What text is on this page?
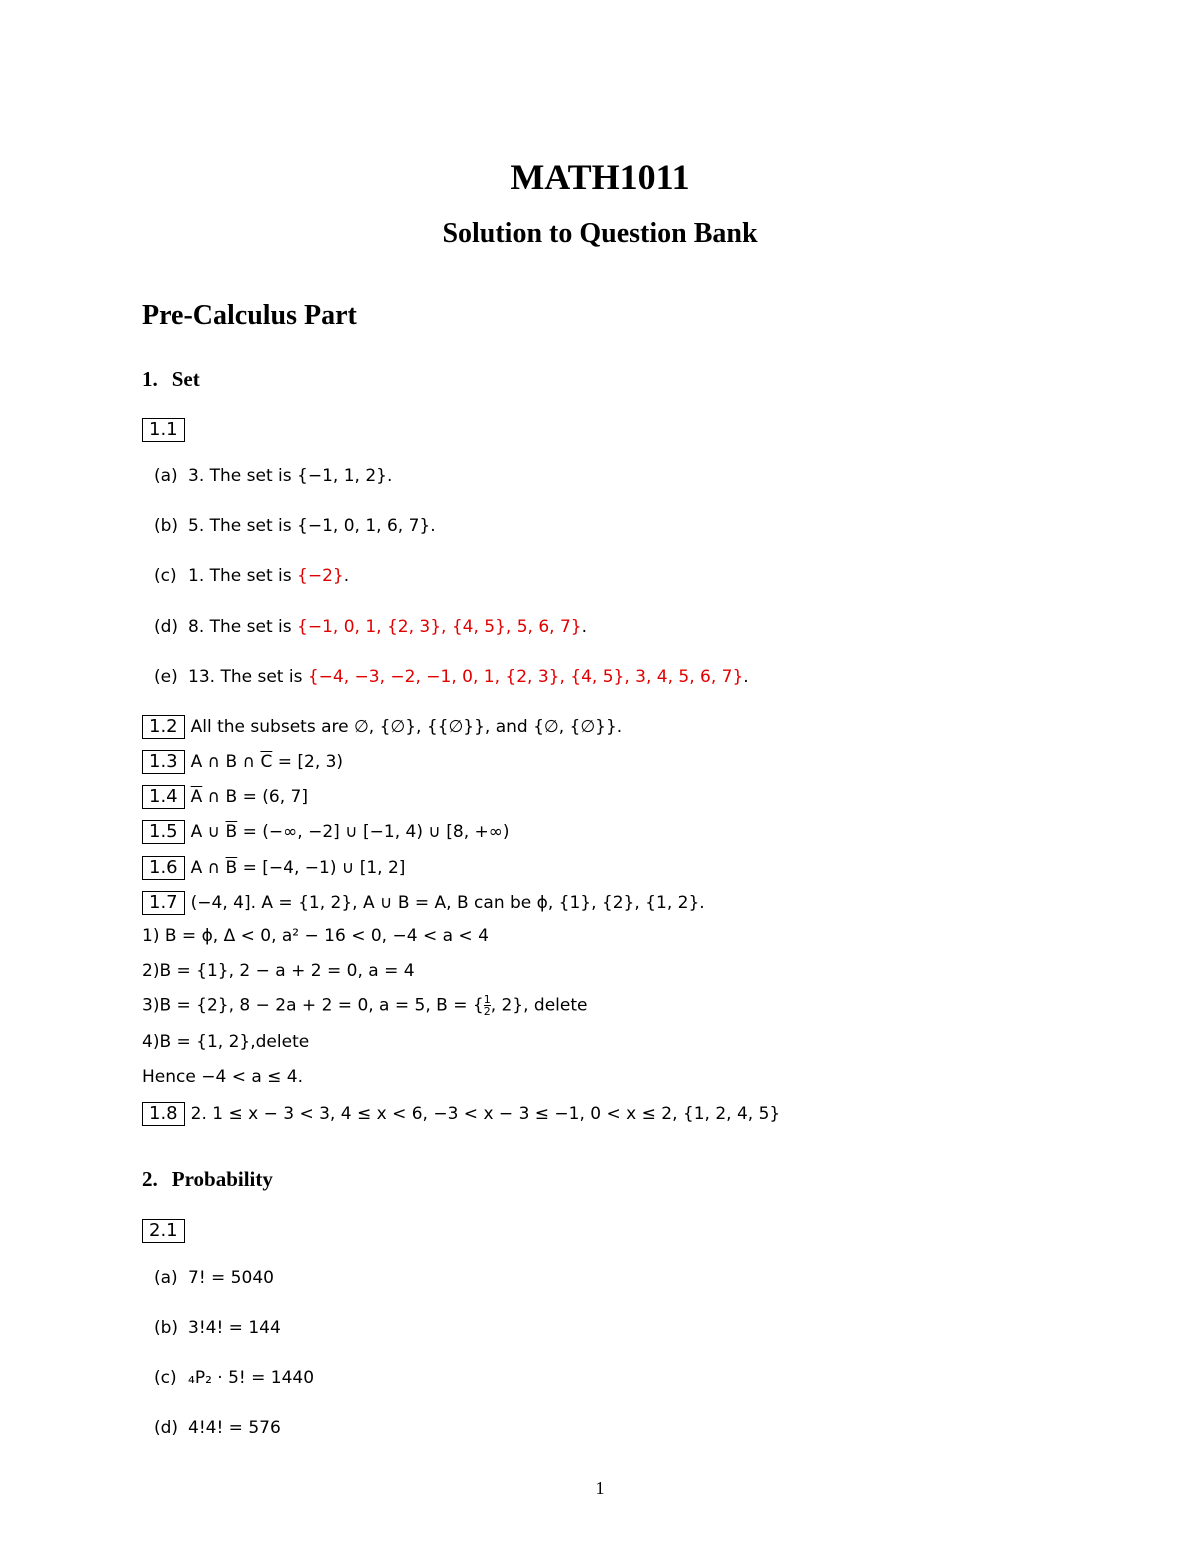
MATH1011
Solution to Question Bank
Pre-Calculus Part
1. Set
1.1
(a) 3. The set is {−1, 1, 2}.
(b) 5. The set is {−1, 0, 1, 6, 7}.
(c) 1. The set is {−2}.
(d) 8. The set is {−1, 0, 1, {2, 3}, {4, 5}, 5, 6, 7}.
(e) 13. The set is {−4, −3, −2, −1, 0, 1, {2, 3}, {4, 5}, 3, 4, 5, 6, 7}.
1.2 All the subsets are ∅, {∅}, {{∅}}, and {∅, {∅}}.
1.3 A ∩ B ∩ $\overline{C} = [2$, 3)
1.4 $\overline{A}$ ∩ B = (6, 7]
1.5 A ∪ $\overline{B}$ = (−∞, −2] ∪ [−1, 4) ∪ [8, +∞)
1.6 A ∩ $\overline{B} = [-4$, −1) ∪ [1, 2]
1.7 (−4, 4]. A = {1, 2}, A ∪ B = A, B can be ϕ, {1}, {2}, {1, 2}.
1) B = ϕ, Δ < 0, a² − 16 < 0, −4 < a < 4
2)B = {1}, 2 − a + 2 = 0, a = 4
3)B = {2}, 8 − 2a + 2 = 0, a = 5, B = { $\frac{1}{2}$ , 2}, delete
4)B = {1, 2},delete
Hence −4 < a ≤ 4.
1.8 2. 1 ≤ x − 3 < 3, 4 ≤ x < 6, −3 < x − 3 ≤ −1, 0 < x ≤ 2, {1, 2, 4, 5}
2. Probability
2.1
(a) 7! = 5040
(b) 3!4! = 144
(c) ₄P₂ · 5! = 1440
(d) 4!4! = 576
1
